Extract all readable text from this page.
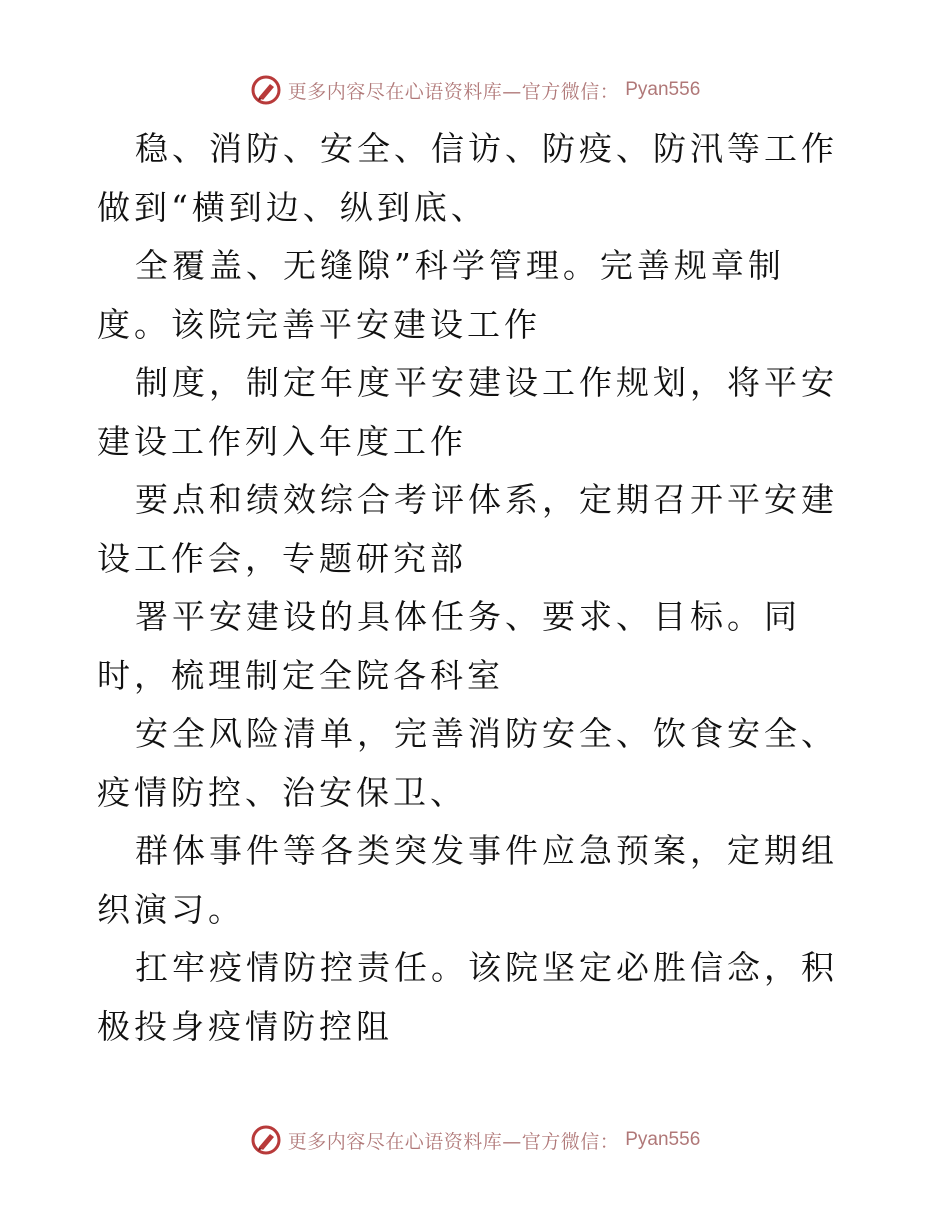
更多内容尽在心语资料库—官方微信： Pyan556

稳、消防、安全、信访、防疫、防汛等工作做到“横到边、纵到底、

全覆盖、无缝隙”科学管理。完善规章制度。该院完善平安建设工作

制度，制定年度平安建设工作规划，将平安建设工作列入年度工作

要点和绩效综合考评体系，定期召开平安建设工作会，专题研究部

署平安建设的具体任务、要求、目标。同时，梳理制定全院各科室

安全风险清单，完善消防安全、饮食安全、疫情防控、治安保卫、

群体事件等各类突发事件应急预案，定期组织演习。

扛牢疫情防控责任。该院坚定必胜信念，积极投身疫情防控阻

更多内容尽在心语资料库—官方微信： Pyan556
